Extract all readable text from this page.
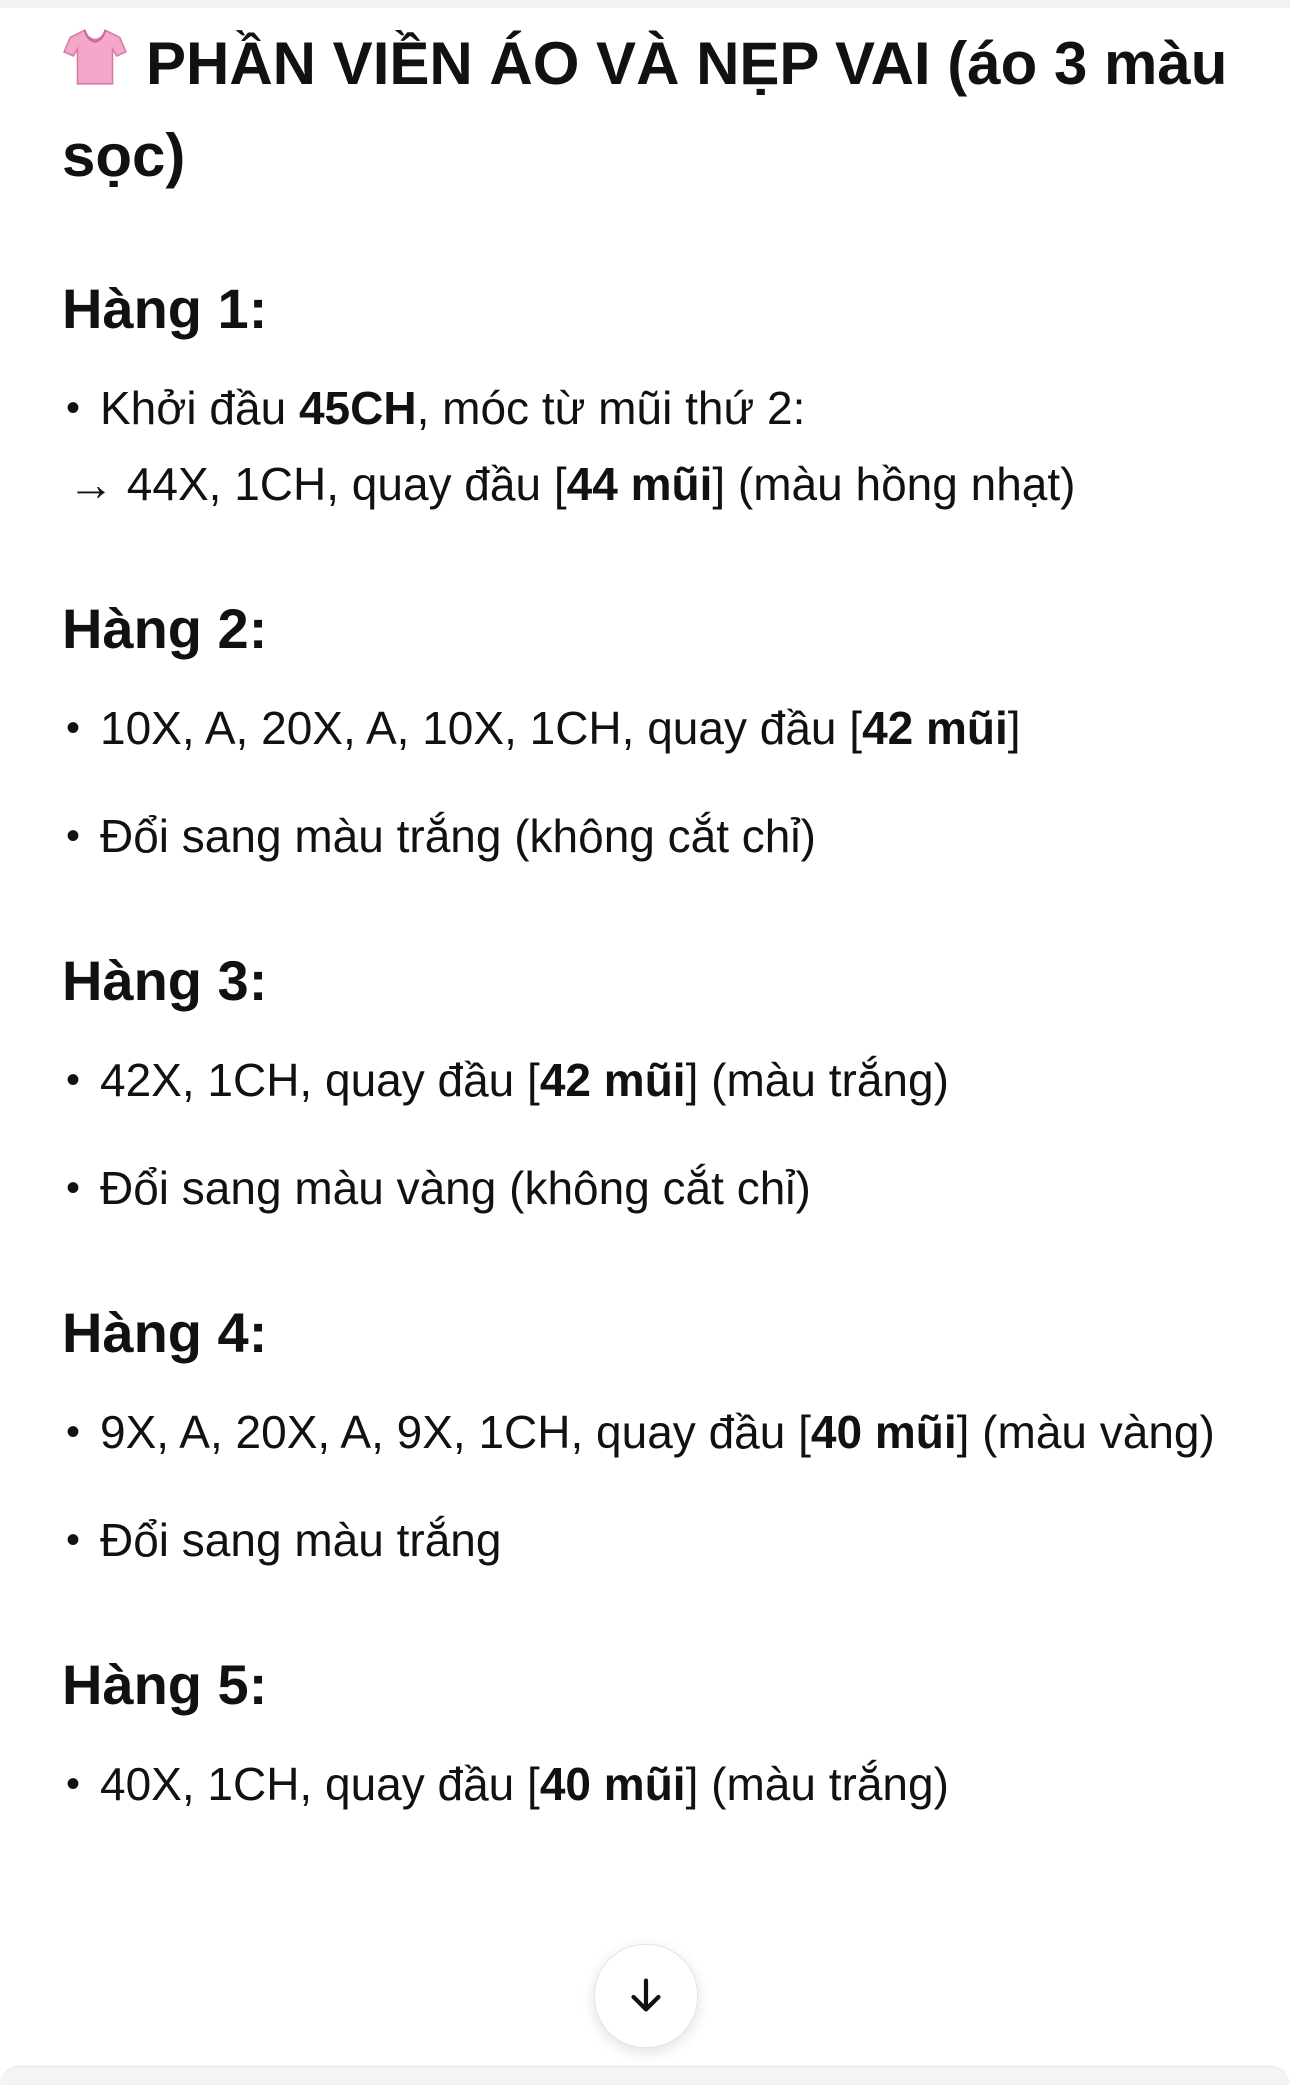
PHẦN VIỀN ÁO VÀ NẸP VAI (áo 3 màu sọc)
Hàng 1:
• Khởi đầu 45CH, móc từ mũi thứ 2:
→ 44X, 1CH, quay đầu [44 mũi] (màu hồng nhạt)
Hàng 2:
• 10X, A, 20X, A, 10X, 1CH, quay đầu [42 mũi]
• Đổi sang màu trắng (không cắt chỉ)
Hàng 3:
• 42X, 1CH, quay đầu [42 mũi] (màu trắng)
• Đổi sang màu vàng (không cắt chỉ)
Hàng 4:
• 9X, A, 20X, A, 9X, 1CH, quay đầu [40 mũi] (màu vàng)
• Đổi sang màu trắng
Hàng 5:
• 40X, 1CH, quay đầu [40 mũi] (màu trắng)
